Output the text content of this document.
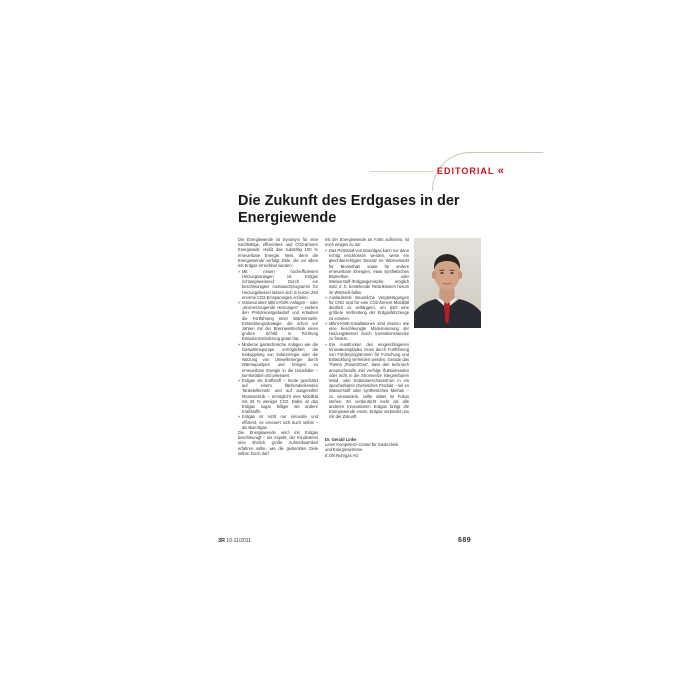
EDITORIAL «
Die Zukunft des Erdgases in der Energiewende

Die Energiewende ist Synonym für eine nachhaltige, effizientere und CO2-ärmere Energiewelt. Heißt das zukünftig 100 % erneuerbare Energie. Nein, denn die Energiewende verfolgt Ziele, die vor allem mit Erdgas erreichbar werden:

» Mit neuen hocheffizienten Heizungsanlagen ist Erdgas richtungsweisend: Durch ein beschleunigtes Austauschprogramm für Heizungskessel lassen sich in kurzer Zeit enorme CO2-Einsparungen erzielen.
» Insbesondere Mikro-KWK-Anlagen – oder „stromerzeugende Heizungen“ – senken den Primärenergiebedarf und erlauben die Fortführung einer Wärmemarkt-Entwicklungsstrategie, die schon vor Jahren mit der Brennwerttechnik einen großen Schritt in Richtung Emissionsminderung getan hat.
» Moderne gastechnische Anlagen wie die Gaswärmepumpe ermöglichen die Einkopplung von Solarenergie oder die Nutzung von Umweltenergie durch Wärmepumpen und bringen so erneuerbare Energie in die Haushalte – komfortabel und preiswert.
» Erdgas als Kraftstoff – heute geschätzt auf einem flächendeckenden Tankstellennetz und auf ausgereifter Motortechnik – ermöglicht eine Mobilität mit 25 % weniger CO2. Dabei ist das Erdgas sogar billiger als andere Kraftstoffe.
» Erdgas ist nicht nur innovativ und effizient, es erneuert sich auch selbst – als Bioerdgas.

Die Energiewende wird mit Erdgas beschleunigt – ein Aspekt, der mindestens eine ähnlich große Aufmerksamkeit erfahren sollte, wie die gesteckten Ziele selbst. Doch darf

mit der Energiewende an Fahrt aufnimmt, ist noch einiges zu tun:

» Das Potenzial von Bioerdgas kann nur dann richtig erschlossen werden, wenn ein gleichberechtigter Einsatz im Wärmemarkt für Biomethan sowie für andere erneuerbare Energien, etwa synthetisches Biomethan oder Wasserstoff-/Erdgasgemische, möglich wird, d. h. bestehende Restriktionen herum im Wärmeß-fallen.
» Auslaufende steuerliche Vergünstigungen für CNG sind für eine CO2-ärmere Mobilität deutlich zu verlängern, um jetzt eine größere Verbreitung der Erdgasfahrzeuge zu erzielen.
» Mikro-KWK-Installationen sind ebenso wie eine beschleunigte Modernisierung der Heizungskessel durch Investitionsanreize zu fördern.
» Ein Ausdrücken des eingeschlagenen Innovationspfades muss durch Fortführung von Förderprogrammen für Forschung und Entwicklung verhindert werden. Gerade das Thema „Power2Gas“, dass den technisch anspruchsvolle Ziel verfolgt, fluktuierenden oder nicht in die Stromnetze integrierbaren Wind- oder Solarüberschussstrom in ein speicherbares chemisches Produkt – sei es Wasserstoff oder synthetisches Methan – zu verwandeln, sollte dabei im Fokus stehen. Es verdeutlicht mehr als alle anderen Innovationen Erdgas bringt die Energiewende voran, Erdgas verbindet uns mit der Zukunft.
Dr. Gerald Linke
Leiter Kompetenz-Center für Gastechnik
und Energiesysteme
E.ON Ruhrgas AG
3R 10-11/2011	689
